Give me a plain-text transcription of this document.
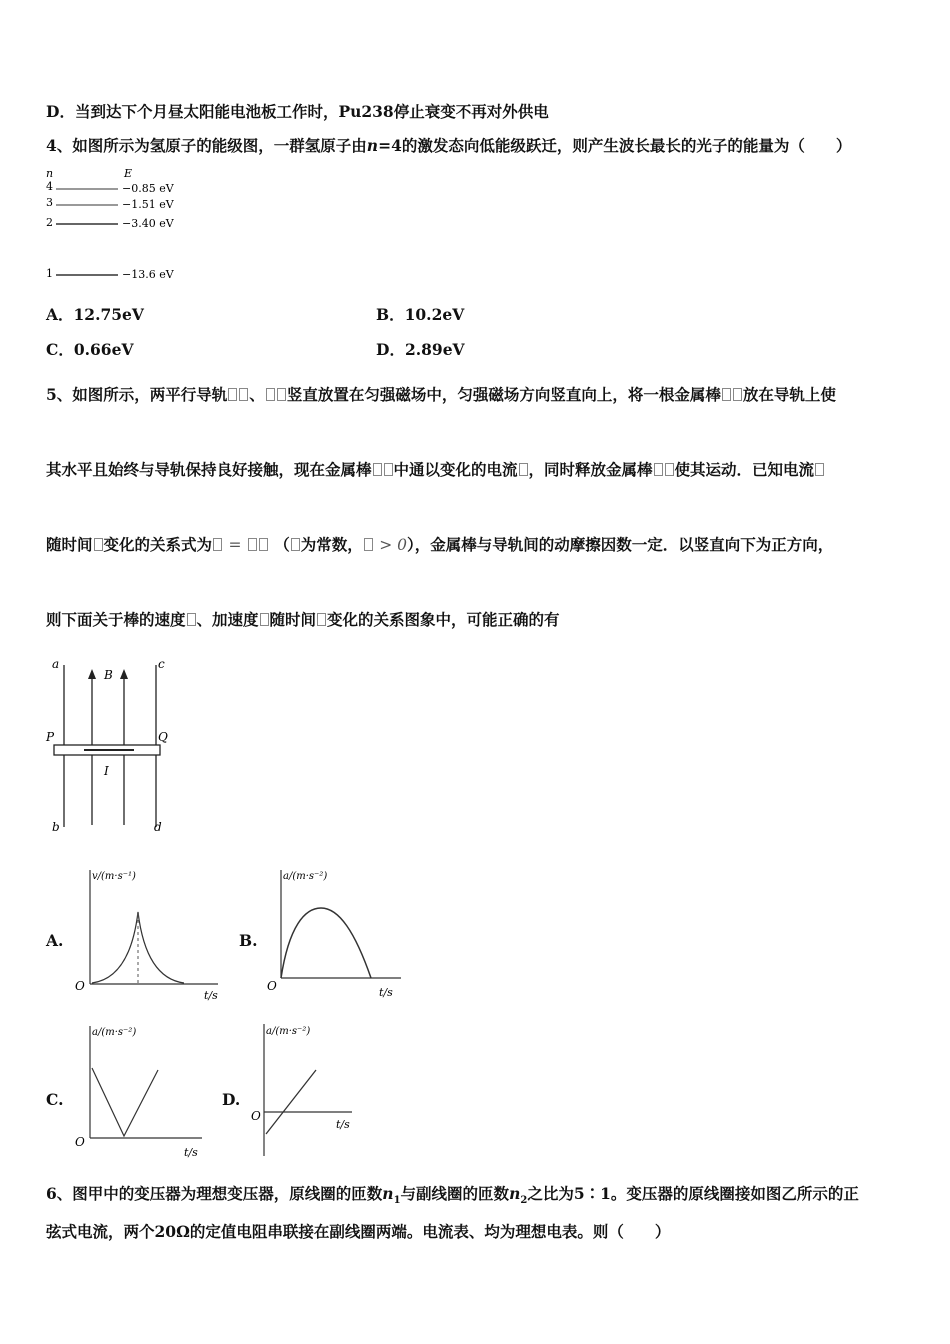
D．当到达下个月昼太阳能电池板工作时，Pu238停止衰变不再对外供电
4、如图所示为氢原子的能级图，一群氢原子由n=4的激发态向低能级跃迁，则产生波长最长的光子的能量为（　　）
n	E
4	−0.85 eV
3	−1.51 eV
2	−3.40 eV
1	−13.6 eV
A．12.75eV	B．10.2eV
C．0.66eV	D．2.89eV
5、如图所示，两平行导轨 、 竖直放置在匀强磁场中，匀强磁场方向竖直向上，将一根金属棒 放在导轨上使
其水平且始终与导轨保持良好接触，现在金属棒 中通以变化的电流 ，同时释放金属棒 使其运动．已知电流
随时间 变化的关系式为 = （ 为常数， > 0），金属棒与导轨间的动摩擦因数一定．以竖直向下为正方向，
则下面关于棒的速度 、加速度 随时间 变化的关系图象中，可能正确的有
a	c
B
P	Q
I
b	d
A.
v/(m·s⁻¹)
O
t/s
B.
a/(m·s⁻²)
O	t/s
C.
a/(m·s⁻²)
O
t/s
D.
a/(m·s⁻²)
O
t/s
6、图甲中的变压器为理想变压器，原线圈的匝数$n_1$与副线圈的匝数$n_2$之比为5∶1。变压器的原线圈接如图乙所示的正
弦式电流，两个20Ω的定值电阻串联接在副线圈两端。电流表、均为理想电表。则（　　）
